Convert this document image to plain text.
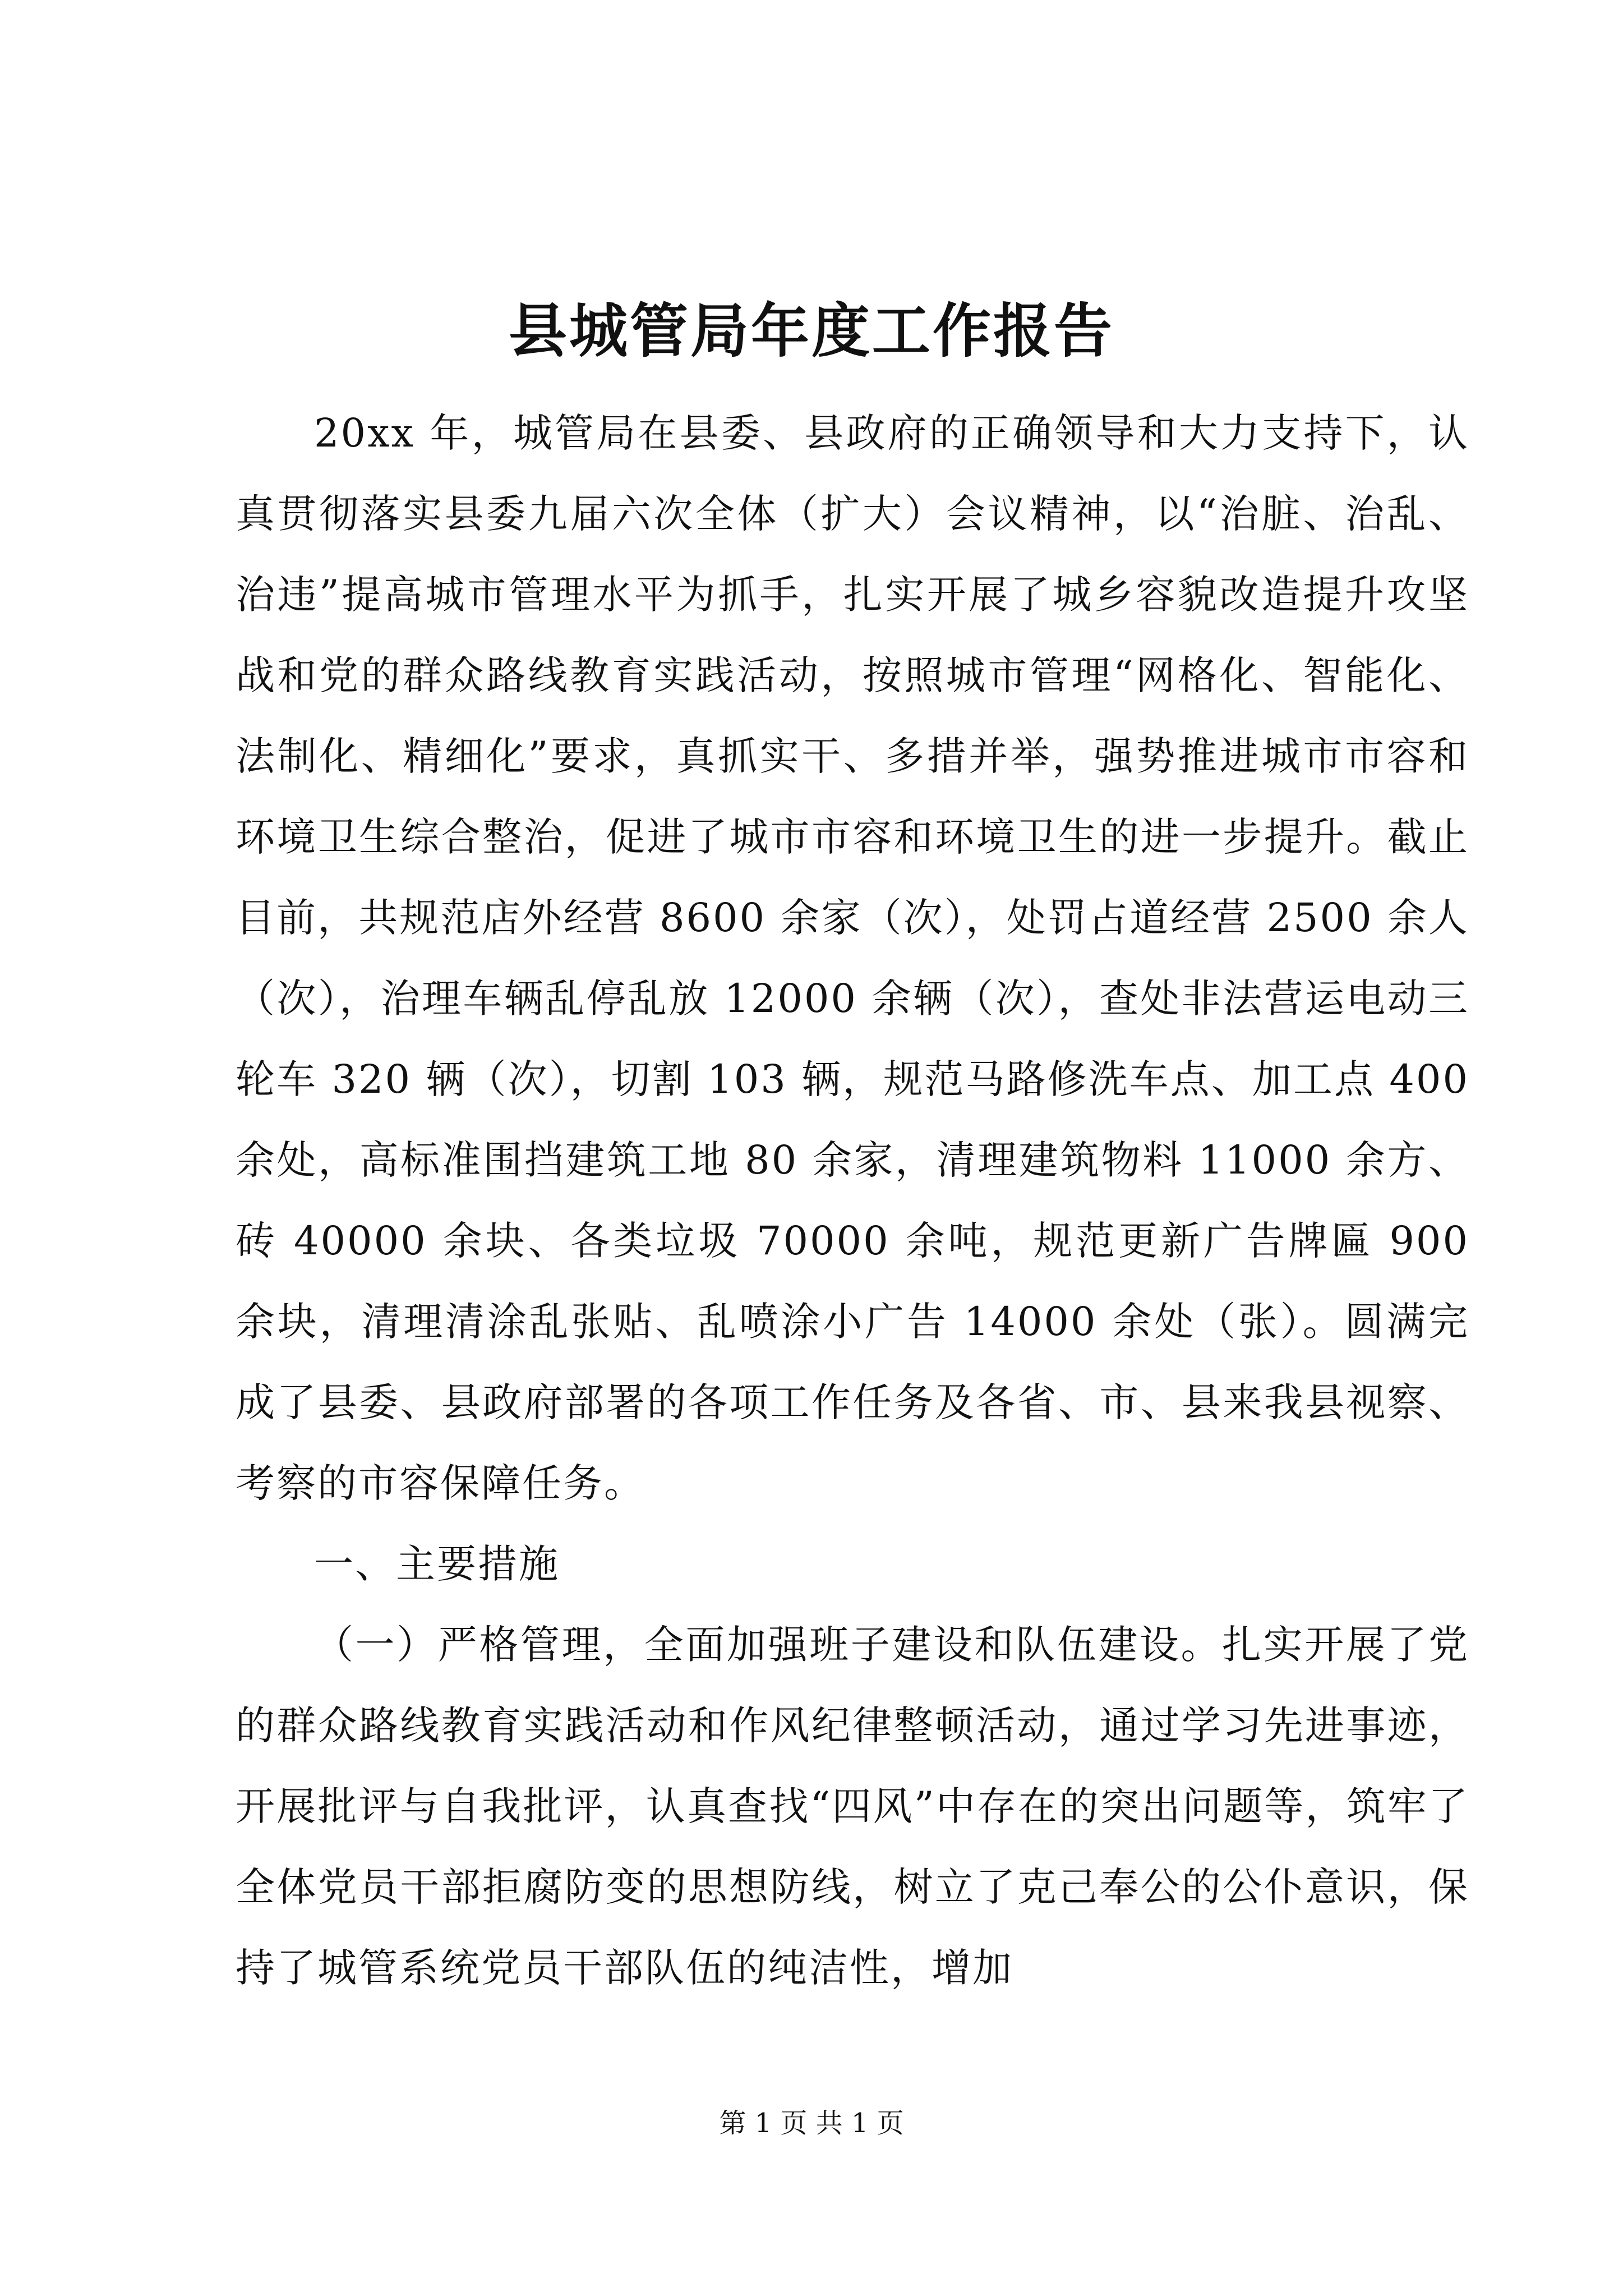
县城管局年度工作报告

20xx 年，城管局在县委、县政府的正确领导和大力支持下，认真贯彻落实县委九届六次全体（扩大）会议精神，以“治脏、治乱、治违”提高城市管理水平为抓手，扎实开展了城乡容貌改造提升攻坚战和党的群众路线教育实践活动，按照城市管理“网格化、智能化、法制化、精细化”要求，真抓实干、多措并举，强势推进城市市容和环境卫生综合整治，促进了城市市容和环境卫生的进一步提升。截止目前，共规范店外经营 8600 余家（次），处罚占道经营 2500 余人（次），治理车辆乱停乱放 12000 余辆（次），查处非法营运电动三轮车 320 辆（次），切割 103 辆，规范马路修洗车点、加工点 400 余处，高标准围挡建筑工地 80 余家，清理建筑物料 11000 余方、砖 40000 余块、各类垃圾 70000 余吨，规范更新广告牌匾 900 余块，清理清涂乱张贴、乱喷涂小广告 14000 余处（张）。圆满完成了县委、县政府部署的各项工作任务及各省、市、县来我县视察、考察的市容保障任务。

一、主要措施

（一）严格管理，全面加强班子建设和队伍建设。扎实开展了党的群众路线教育实践活动和作风纪律整顿活动，通过学习先进事迹，开展批评与自我批评，认真查找“四风”中存在的突出问题等，筑牢了全体党员干部拒腐防变的思想防线，树立了克己奉公的公仆意识，保持了城管系统党员干部队伍的纯洁性，增加

第 1 页 共 1 页
